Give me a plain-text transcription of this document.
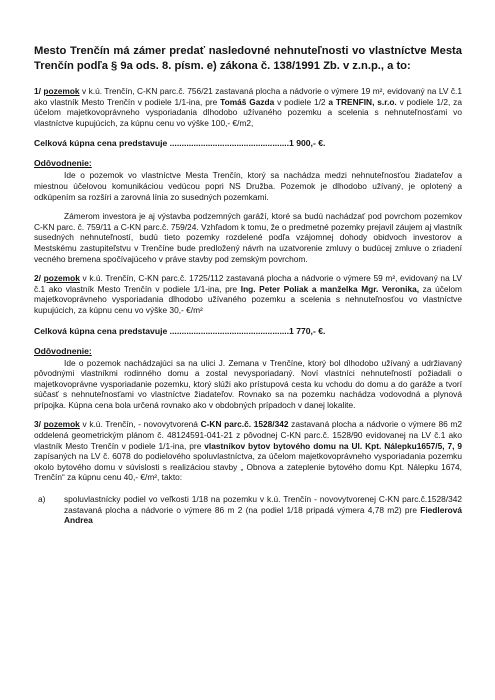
Mesto Trenčín má zámer predať nasledovné nehnuteľnosti vo vlastníctve Mesta Trenčín podľa § 9a ods. 8. písm. e) zákona č. 138/1991 Zb. v z.n.p., a to:

1/ pozemok v k.ú. Trenčín, C-KN parc.č. 756/21 zastavaná plocha a nádvorie o výmere 19 m², evidovaný na LV č.1 ako vlastník Mesto Trenčín v podiele 1/1-ina, pre Tomáš Gazda v podiele 1/2 a TRENFIN, s.r.o. v podiele 1/2, za účelom majetkovoprávneho vysporiadania dlhodobo užívaného pozemku a scelenia s nehnuteľnosťami vo vlastníctve kupujúcich, za kúpnu cenu vo výške 100,- €/m2,

Celková kúpna cena predstavuje ..................................................1 900,- €.
Odôvodnenie:

Ide o pozemok vo vlastníctve Mesta Trenčín, ktorý sa nachádza medzi nehnuteľnosťou žiadateľov a miestnou účelovou komunikáciou vedúcou popri NS Družba. Pozemok je dlhodobo užívaný, je oplotený a odkúpením sa rozšíri a zarovná línia zo susedných pozemkami.

Zámerom investora je aj výstavba podzemných garáží, ktoré sa budú nachádzať pod povrchom pozemkov C-KN parc. č. 759/11 a C-KN parc.č. 759/24. Vzhľadom k tomu, že o predmetné pozemky prejavil záujem aj vlastník susedných nehnuteľností, budú tieto pozemky rozdelené podľa vzájomnej dohody obidvoch investorov a Mestskému zastupiteľstvu v Trenčíne bude predložený návrh na uzatvorenie zmluvy o budúcej zmluve o zriadení vecného bremena spočívajúceho v práve stavby pod zemským povrchom.

2/ pozemok v k.ú. Trenčín, C-KN parc.č. 1725/112 zastavaná plocha a nádvorie o výmere 59 m², evidovaný na LV č.1 ako vlastník Mesto Trenčín v podiele 1/1-ina, pre Ing. Peter Poliak a manželka Mgr. Veronika, za účelom majetkovoprávneho vysporiadania dlhodobo užívaného pozemku a scelenia s nehnuteľnosťou vo vlastníctve kupujúcich, za kúpnu cenu vo výške 30,- €/m²

Celková kúpna cena predstavuje ..................................................1 770,- €.
Odôvodnenie:

Ide o pozemok nachádzajúci sa na ulici J. Zemana v Trenčíne, ktorý bol dlhodobo užívaný a udržiavaný pôvodnými vlastníkmi rodinného domu a zostal nevysporiadaný. Noví vlastníci nehnuteľností požiadali o majetkovoprávne vysporiadanie pozemku, ktorý slúži ako prístupová cesta ku vchodu do domu a do garáže a tvorí súčasť s nehnuteľnosťami vo vlastníctve žiadateľov. Rovnako sa na pozemku nachádza vodovodná a plynová prípojka. Kúpna cena bola určená rovnako ako v obdobných prípadoch v danej lokalite.

3/ pozemok v k.ú. Trenčín, - novovytvorená C-KN parc.č. 1528/342 zastavaná plocha a nádvorie o výmere 86 m2 oddelená geometrickým plánom č. 48124591-041-21 z pôvodnej C-KN parc.č. 1528/90 evidovanej na LV č.1 ako vlastník Mesto Trenčín v podiele 1/1-ina, pre vlastníkov bytov bytového domu na Ul. Kpt. Nálepku1657/5, 7, 9 zapísaných na LV č. 6078 do podielového spoluvlastníctva, za účelom majetkovoprávneho vysporiadania pozemku okolo bytového domu v súvislosti s realizáciou stavby „ Obnova a zateplenie bytového domu Kpt. Nálepku 1674, Trenčín“ za kúpnu cenu 40,- €/m², takto:

a)	spoluvlastnícky podiel vo veľkosti 1/18 na pozemku v k.ú. Trenčín - novovytvorenej C-KN parc.č.1528/342 zastavaná plocha a nádvorie o výmere 86 m 2 (na podiel 1/18 pripadá výmera 4,78 m2) pre Fiedlerová Andrea
